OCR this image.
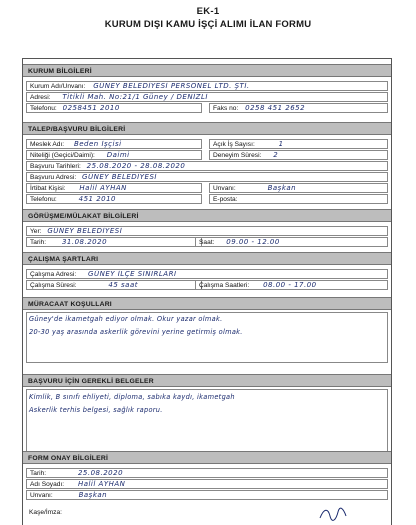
EK-1
KURUM DIŞI KAMU İŞÇİ ALIMI İLAN FORMU
KURUM BİLGİLERİ
Kurum Adı/Unvanı: GÜNEY BELEDİYESİ PERSONEL LTD. ŞTİ.
Adresi: Titikli Mah. No:21/1 Güney / DENİZLİ
Telefonu: 0258451 2010	Faks no: 0258 451 2652
TALEP/BAŞVURU BİLGİLERİ
Meslek Adı: Beden İşçisi	Açık İş Sayısı:	1
Niteliği (Geçici/Daimi): Daimi	Deneyim Süresi: 2
Başvuru Tarihleri: 25.08.2020 - 28.08.2020
Başvuru Adresi: GÜNEY BELEDİYESİ
İrtibat Kişisi: Halil AYHAN	Unvanı:	Başkan
Telefonu:	451 2010	E-posta:
GÖRÜŞME/MÜLAKAT BİLGİLERİ
Yer: GÜNEY BELEDİYESİ
Tarih: 31.08.2020	Saat: 09.00 - 12.00
ÇALIŞMA ŞARTLARI
Çalışma Adresi: GÜNEY İLÇE SINIRLARI
Çalışma Süresi:	45 saat	Çalışma Saatleri: 08.00 - 17.00
MÜRACAAT KOŞULLARI
Güney'de ikametgah ediyor olmak. Okur yazar olmak.
20-30 yaş arasında askerlik görevini yerine getirmiş olmak.
BAŞVURU İÇİN GEREKLİ BELGELER
Kimlik, B sınıfı ehliyeti, diploma, sabıka kaydı, ikametgah
Askerlik terhis belgesi, sağlık raporu.
FORM ONAY BİLGİLERİ
Tarih:	25.08.2020
Adı Soyadı: Halil AYHAN
Unvanı:	Başkan
Kaşe/İmza:
